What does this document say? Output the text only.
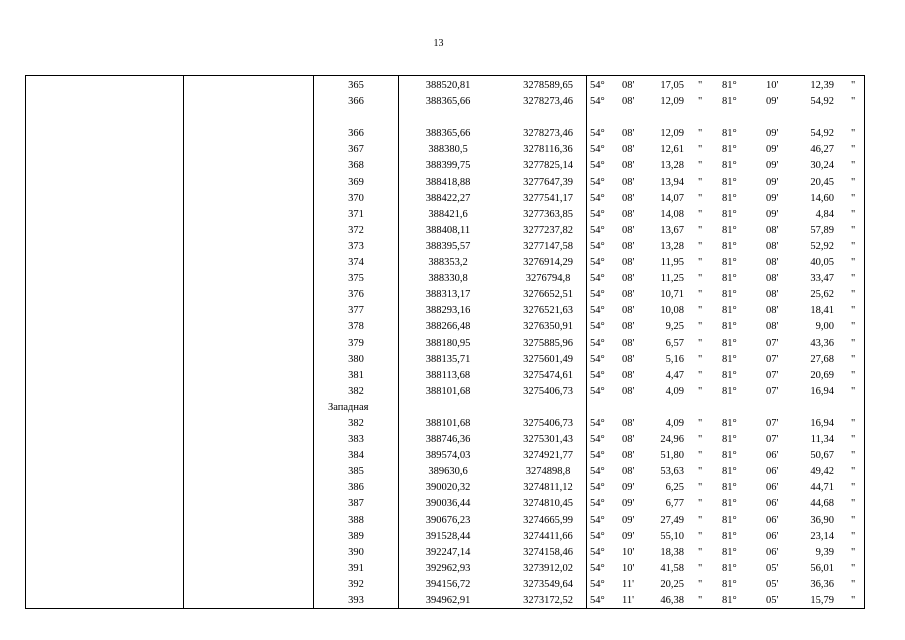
13
365	388520,81	3278589,65	54°	08'	17,05 "	81°	10'	12,39 "
366	388365,66	3278273,46	54°	08'	12,09 "	81°	09'	54,92 "
366	388365,66	3278273,46	54°	08'	12,09 "	81°	09'	54,92 "
367	388380,5	3278116,36	54°	08'	12,61 "	81°	09'	46,27 "
368	388399,75	3277825,14	54°	08'	13,28 "	81°	09'	30,24 "
369	388418,88	3277647,39	54°	08'	13,94 "	81°	09'	20,45 "
370	388422,27	3277541,17	54°	08'	14,07 "	81°	09'	14,60 "
371	388421,6	3277363,85	54°	08'	14,08 "	81°	09'	4,84 "
372	388408,11	3277237,82	54°	08'	13,67 "	81°	08'	57,89 "
373	388395,57	3277147,58	54°	08'	13,28 "	81°	08'	52,92 "
374	388353,2	3276914,29	54°	08'	11,95 "	81°	08'	40,05 "
375	388330,8	3276794,8	54°	08'	11,25 "	81°	08'	33,47 "
376	388313,17	3276652,51	54°	08'	10,71 "	81°	08'	25,62 "
377	388293,16	3276521,63	54°	08'	10,08 "	81°	08'	18,41 "
378	388266,48	3276350,91	54°	08'	9,25 "	81°	08'	9,00 "
379	388180,95	3275885,96	54°	08'	6,57 "	81°	07'	43,36 "
380	388135,71	3275601,49	54°	08'	5,16 "	81°	07'	27,68 "
381	388113,68	3275474,61	54°	08'	4,47 "	81°	07'	20,69 "
382	388101,68	3275406,73	54°	08'	4,09 "	81°	07'	16,94 "
Западная
382	388101,68	3275406,73	54°	08'	4,09 "	81°	07'	16,94 "
383	388746,36	3275301,43	54°	08'	24,96 "	81°	07'	11,34 "
384	389574,03	3274921,77	54°	08'	51,80 "	81°	06'	50,67 "
385	389630,6	3274898,8	54°	08'	53,63 "	81°	06'	49,42 "
386	390020,32	3274811,12	54°	09'	6,25 "	81°	06'	44,71 "
387	390036,44	3274810,45	54°	09'	6,77 "	81°	06'	44,68 "
388	390676,23	3274665,99	54°	09'	27,49 "	81°	06'	36,90 "
389	391528,44	3274411,66	54°	09'	55,10 "	81°	06'	23,14 "
390	392247,14	3274158,46	54°	10'	18,38 "	81°	06'	9,39 "
391	392962,93	3273912,02	54°	10'	41,58 "	81°	05'	56,01 "
392	394156,72	3273549,64	54°	11'	20,25 "	81°	05'	36,36 "
393	394962,91	3273172,52	54°	11'	46,38 "	81°	05'	15,79 "
